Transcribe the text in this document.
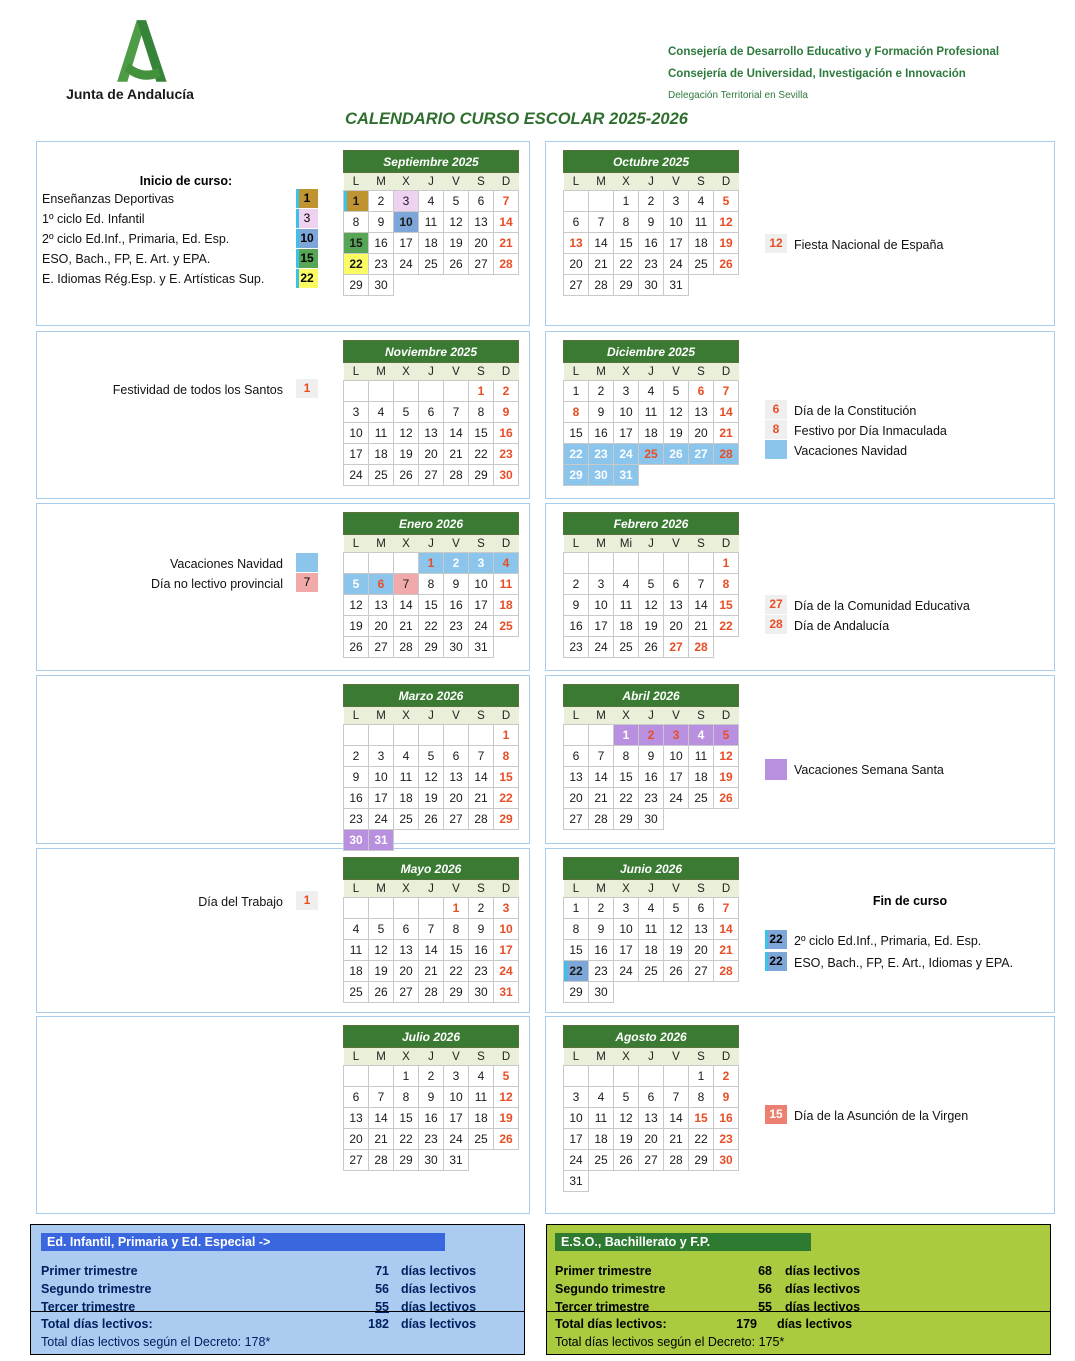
Junta de Andalucía
Consejería de Desarrollo Educativo y Formación Profesional
Consejería de Universidad, Investigación e Innovación
Delegación Territorial en Sevilla
CALENDARIO CURSO ESCOLAR 2025-2026
Septiembre 2025						
L	M	X	J	V	S	D
1	2	3	4	5	6	7
8	9	10	11	12	13	14
15	16	17	18	19	20	21
22	23	24	25	26	27	28
29	30					
Octubre 2025						
L	M	X	J	V	S	D
		1	2	3	4	5
6	7	8	9	10	11	12
13	14	15	16	17	18	19
20	21	22	23	24	25	26
27	28	29	30	31		
Noviembre 2025						
L	M	X	J	V	S	D
					1	2
3	4	5	6	7	8	9
10	11	12	13	14	15	16
17	18	19	20	21	22	23
24	25	26	27	28	29	30
Diciembre 2025						
L	M	X	J	V	S	D
1	2	3	4	5	6	7
8	9	10	11	12	13	14
15	16	17	18	19	20	21
22	23	24	25	26	27	28
29	30	31				
Enero 2026						
L	M	X	J	V	S	D
			1	2	3	4
5	6	7	8	9	10	11
12	13	14	15	16	17	18
19	20	21	22	23	24	25
26	27	28	29	30	31	
Febrero 2026						
L	M	Mi	J	V	S	D
						1
2	3	4	5	6	7	8
9	10	11	12	13	14	15
16	17	18	19	20	21	22
23	24	25	26	27	28	
Marzo 2026						
L	M	X	J	V	S	D
						1
2	3	4	5	6	7	8
9	10	11	12	13	14	15
16	17	18	19	20	21	22
23	24	25	26	27	28	29
30	31					
Abril 2026						
L	M	X	J	V	S	D
		1	2	3	4	5
6	7	8	9	10	11	12
13	14	15	16	17	18	19
20	21	22	23	24	25	26
27	28	29	30			
Mayo 2026						
L	M	X	J	V	S	D
				1	2	3
4	5	6	7	8	9	10
11	12	13	14	15	16	17
18	19	20	21	22	23	24
25	26	27	28	29	30	31
Junio 2026						
L	M	X	J	V	S	D
1	2	3	4	5	6	7
8	9	10	11	12	13	14
15	16	17	18	19	20	21
22	23	24	25	26	27	28
29	30					
Julio 2026						
L	M	X	J	V	S	D
		1	2	3	4	5
6	7	8	9	10	11	12
13	14	15	16	17	18	19
20	21	22	23	24	25	26
27	28	29	30	31		
Agosto 2026						
L	M	X	J	V	S	D
					1	2
3	4	5	6	7	8	9
10	11	12	13	14	15	16
17	18	19	20	21	22	23
24	25	26	27	28	29	30
31						
Inicio de curso:
Enseñanzas Deportivas	1
1º ciclo Ed. Infantil	3
2º ciclo Ed.Inf., Primaria, Ed. Esp.	10
ESO, Bach., FP, E. Art. y EPA.	15
E. Idiomas Rég.Esp. y E. Artísticas Sup.	22
Festividad de todos los Santos	1
Vacaciones Navidad
Día no lectivo provincial	7
Día del Trabajo	1
12 Fiesta Nacional de España
6	Día de la Constitución
8	Festivo por Día Inmaculada
Vacaciones Navidad
27 Día de la Comunidad Educativa
28 Día de Andalucía
Vacaciones Semana Santa
Fin de curso
22 2º ciclo Ed.Inf., Primaria, Ed. Esp.
22 ESO, Bach., FP, E. Art., Idiomas y EPA.
15 Día de la Asunción de la Virgen
Ed. Infantil, Primaria y Ed. Especial ->
Primer trimestre	71 días lectivos
Segundo trimestre	56 días lectivos
Tercer trimestre	55 días lectivos
Total días lectivos:	182 días lectivos
Total días lectivos según el Decreto: 178*
E.S.O., Bachillerato y F.P.
Primer trimestre	68 días lectivos
Segundo trimestre	56 días lectivos
Tercer trimestre	55 días lectivos
Total días lectivos:	179 días lectivos
Total días lectivos según el Decreto: 175*
